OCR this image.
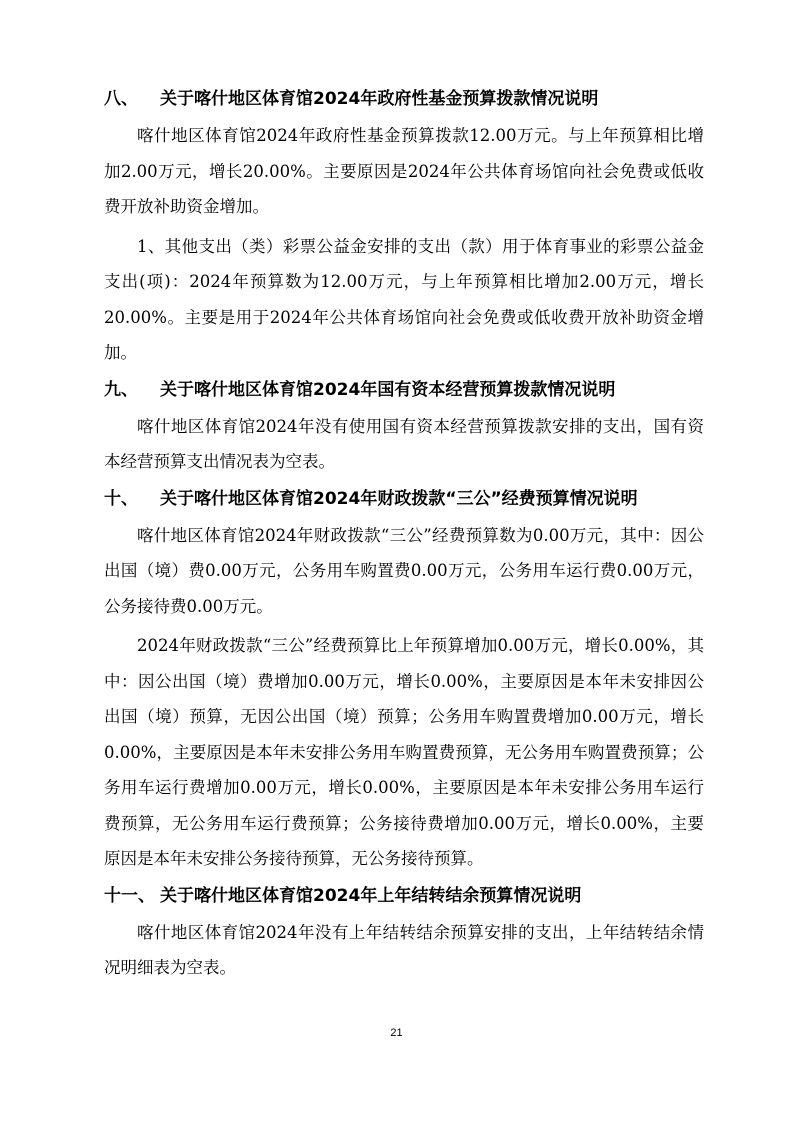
八、 关于喀什地区体育馆2024年政府性基金预算拨款情况说明

喀什地区体育馆2024年政府性基金预算拨款12.00万元。与上年预算相比增加2.00万元，增长20.00%。主要原因是2024年公共体育场馆向社会免费或低收费开放补助资金增加。

1、其他支出（类）彩票公益金安排的支出（款）用于体育事业的彩票公益金支出(项)：2024年预算数为12.00万元，与上年预算相比增加2.00万元，增长20.00%。主要是用于2024年公共体育场馆向社会免费或低收费开放补助资金增加。

九、 关于喀什地区体育馆2024年国有资本经营预算拨款情况说明

喀什地区体育馆2024年没有使用国有资本经营预算拨款安排的支出，国有资本经营预算支出情况表为空表。

十、 关于喀什地区体育馆2024年财政拨款“三公”经费预算情况说明

喀什地区体育馆2024年财政拨款“三公”经费预算数为0.00万元，其中：因公出国（境）费0.00万元，公务用车购置费0.00万元，公务用车运行费0.00万元，公务接待费0.00万元。

2024年财政拨款“三公”经费预算比上年预算增加0.00万元，增长0.00%，其中：因公出国（境）费增加0.00万元，增长0.00%，主要原因是本年未安排因公出国（境）预算，无因公出国（境）预算；公务用车购置费增加0.00万元，增长0.00%，主要原因是本年未安排公务用车购置费预算，无公务用车购置费预算；公务用车运行费增加0.00万元，增长0.00%，主要原因是本年未安排公务用车运行费预算，无公务用车运行费预算；公务接待费增加0.00万元，增长0.00%，主要原因是本年未安排公务接待预算，无公务接待预算。

十一、 关于喀什地区体育馆2024年上年结转结余预算情况说明

喀什地区体育馆2024年没有上年结转结余预算安排的支出，上年结转结余情况明细表为空表。

21
